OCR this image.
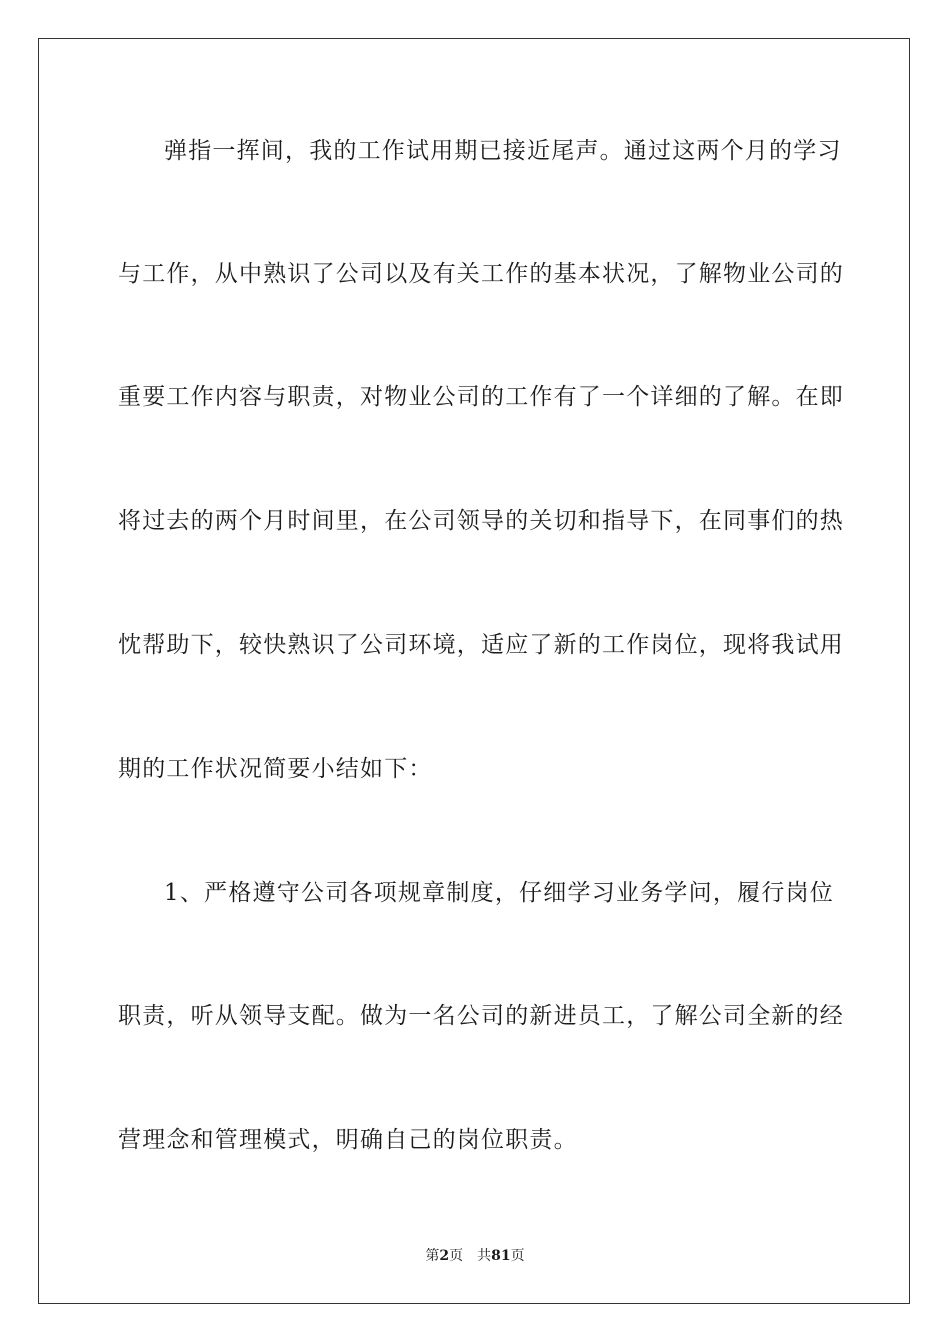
弹指一挥间，我的工作试用期已接近尾声。通过这两个月的学习
与工作，从中熟识了公司以及有关工作的基本状况，了解物业公司的
重要工作内容与职责，对物业公司的工作有了一个详细的了解。在即
将过去的两个月时间里，在公司领导的关切和指导下，在同事们的热
忱帮助下，较快熟识了公司环境，适应了新的工作岗位，现将我试用
期的工作状况简要小结如下：
1、严格遵守公司各项规章制度，仔细学习业务学问，履行岗位
职责，听从领导支配。做为一名公司的新进员工，了解公司全新的经
营理念和管理模式，明确自己的岗位职责。
第2页 共81页
